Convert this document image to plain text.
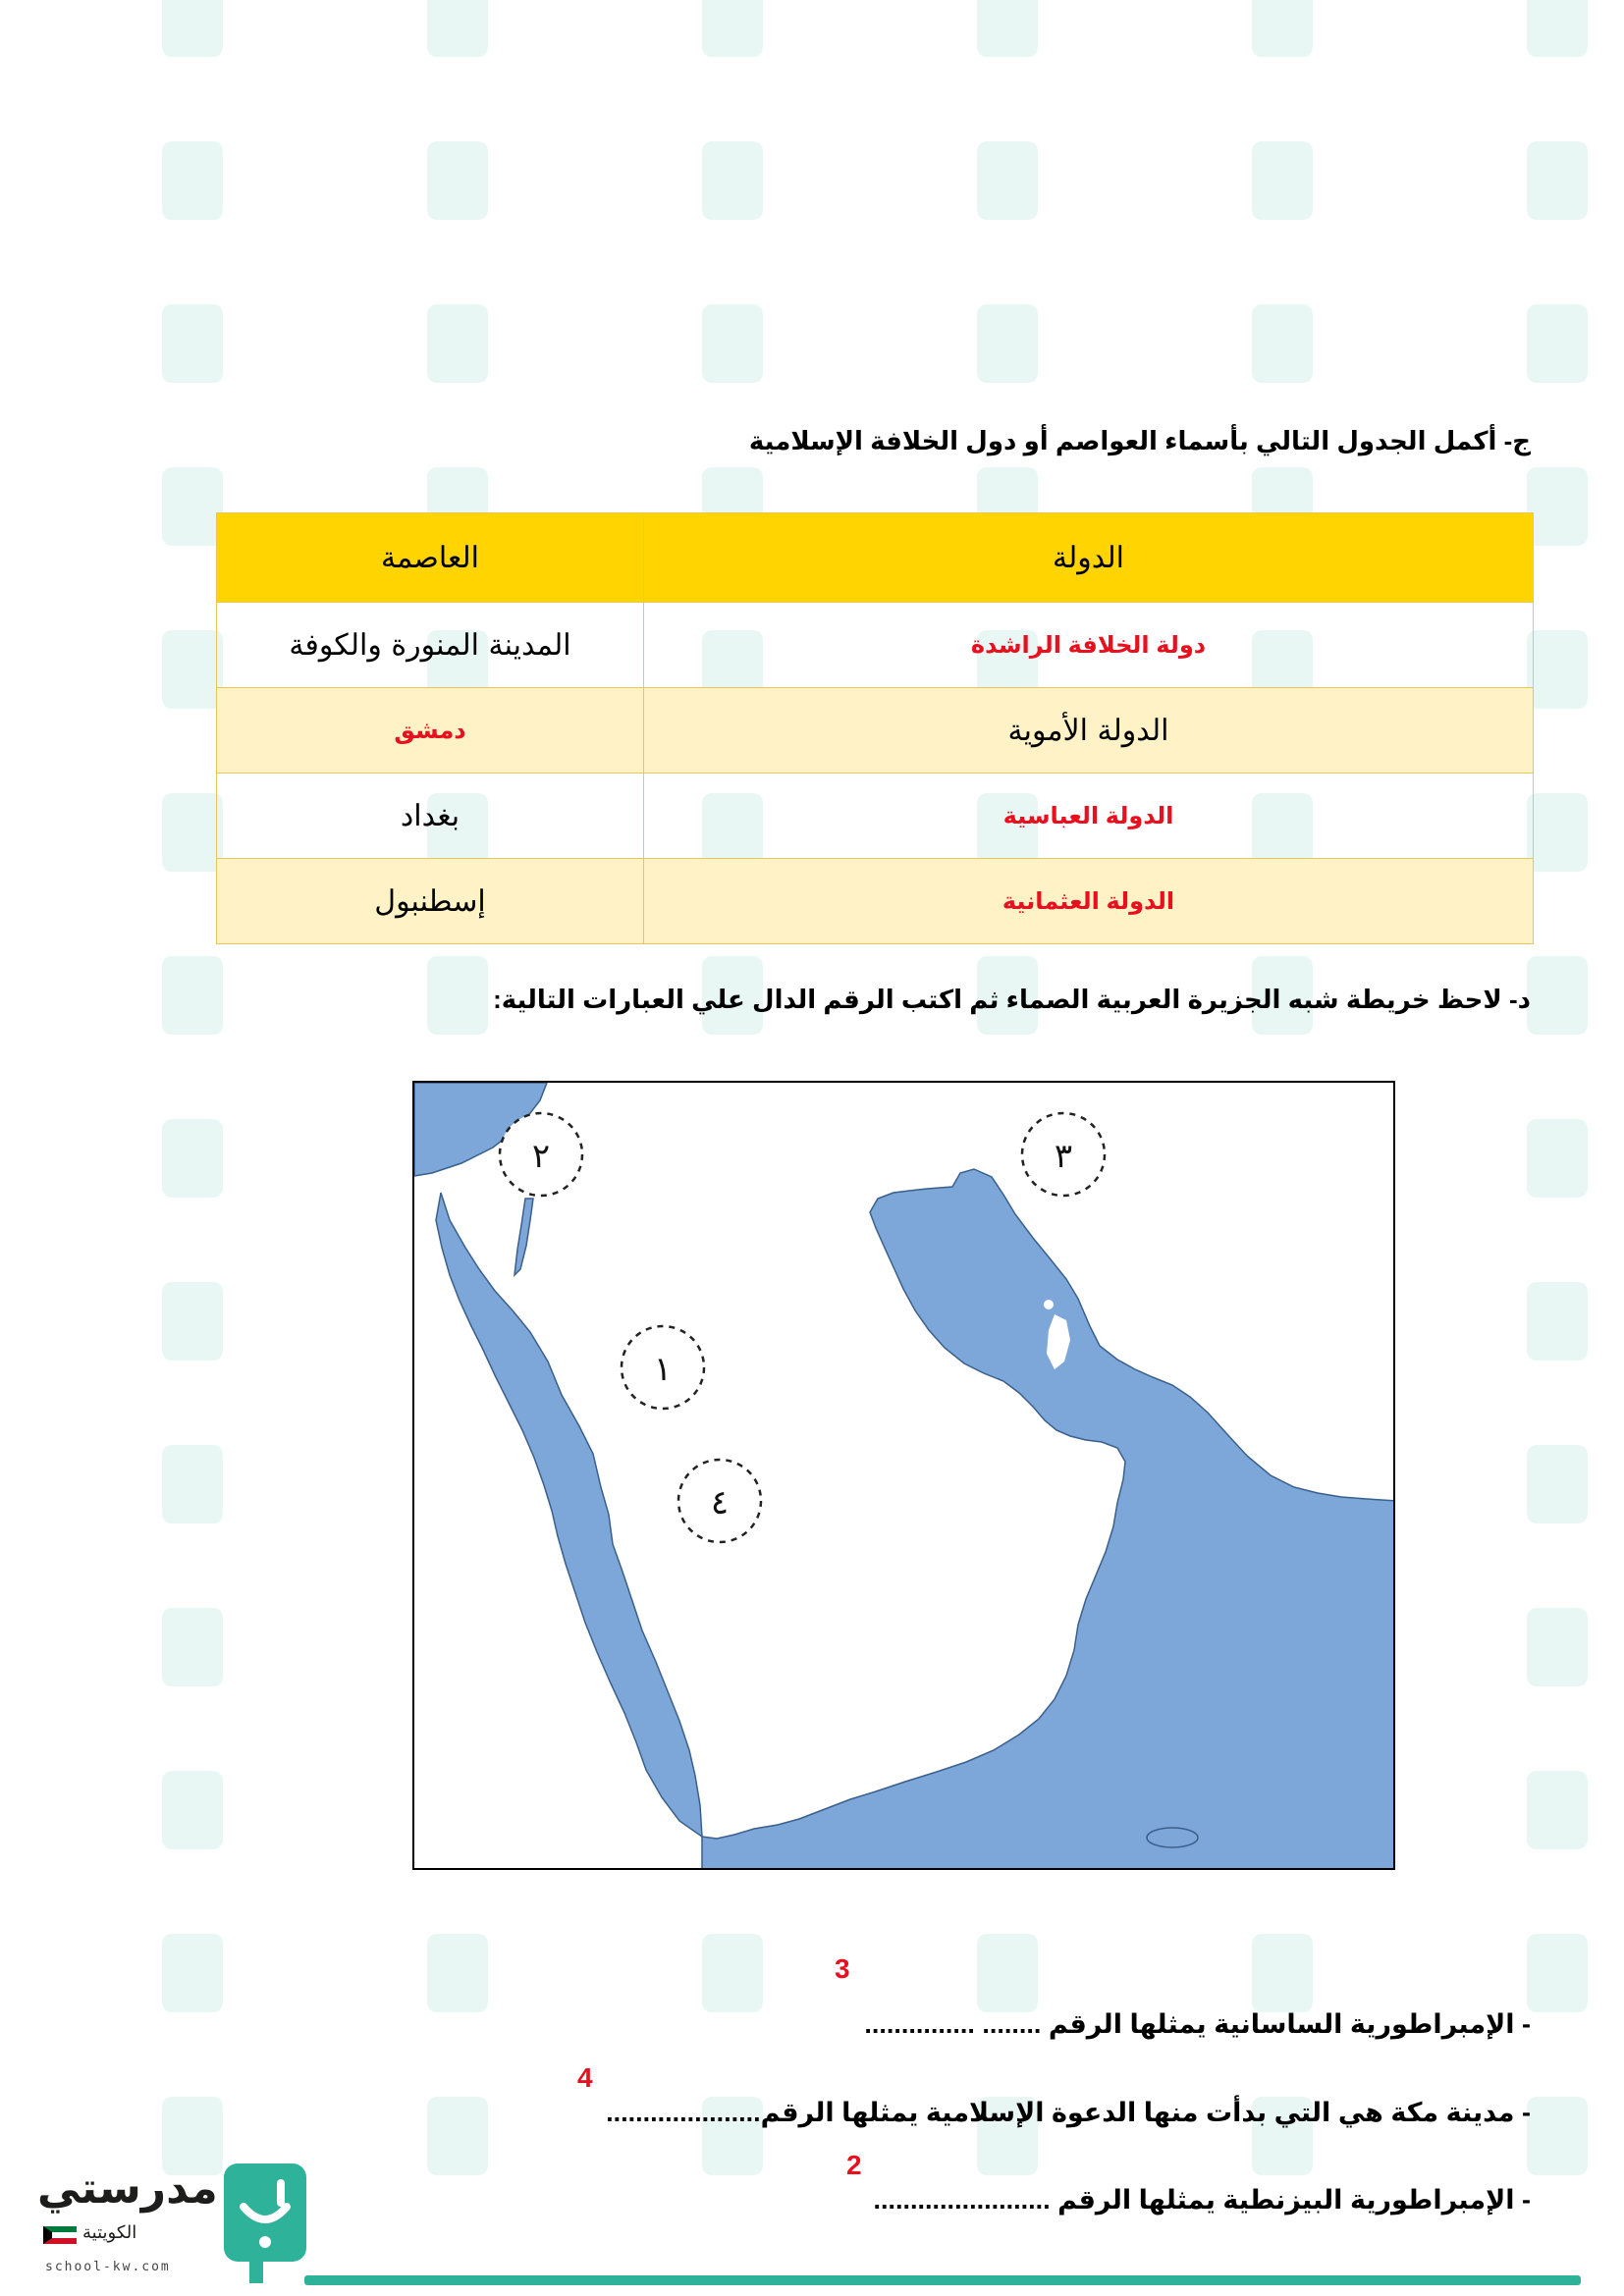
ج- أكمل الجدول التالي بأسماء العواصم أو دول الخلافة الإسلامية
الدولة	العاصمة
دولة الخلافة الراشدة	المدينة المنورة والكوفة
الدولة الأموية	دمشق
الدولة العباسية	بغداد
الدولة العثمانية	إسطنبول
د- لاحظ خريطة شبه الجزيرة العربية الصماء ثم اكتب الرقم الدال علي العبارات التالية:
٢	٣
١
٤
3
4
2
- الإمبراطورية الساسانية يمثلها الرقم ........ ...............
- مدينة مكة هي التي بدأت منها الدعوة الإسلامية يمثلها الرقم.....................
- الإمبراطورية البيزنطية يمثلها الرقم ........................
مدرستي
الكويتية
school-kw.com
